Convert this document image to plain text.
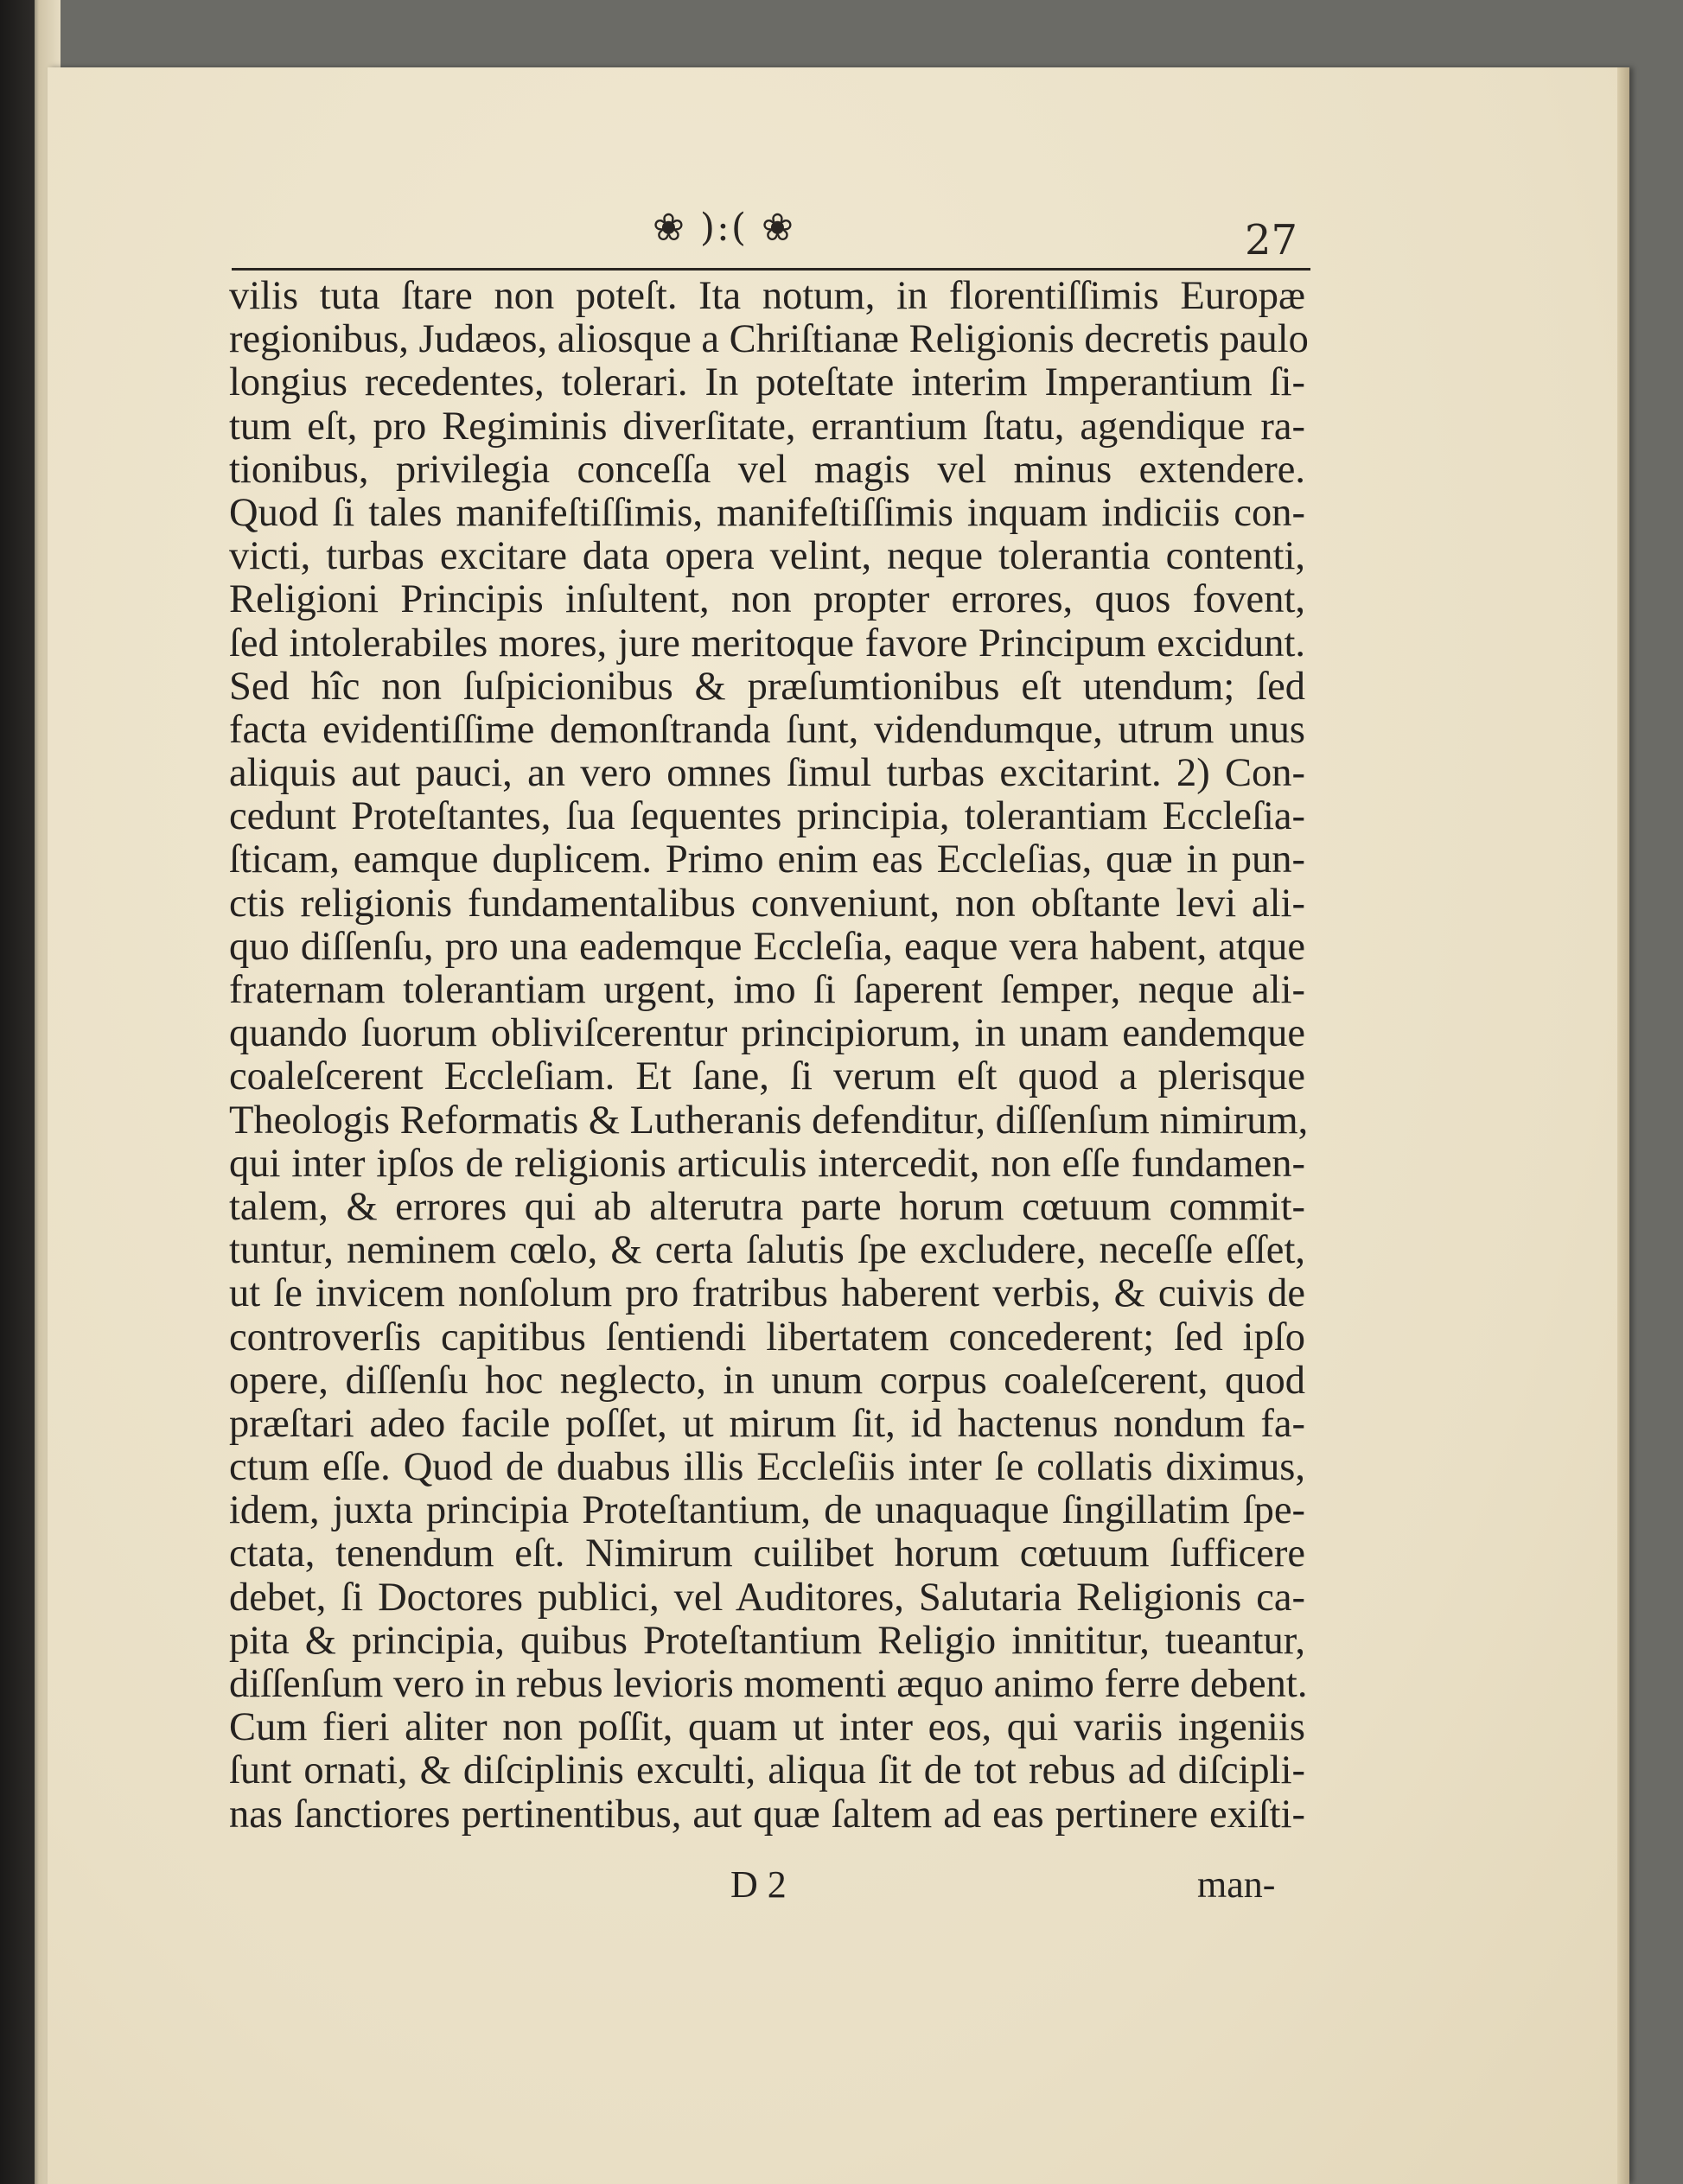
❀ ):( ❀	27
vilis tuta ſtare non poteſt. Ita notum, in florentiſſimis Europæ
regionibus, Judæos, aliosque a Chriſtianæ Religionis decretis paulo
longius recedentes, tolerari. In poteſtate interim Imperantium ſi-
tum eſt, pro Regiminis diverſitate, errantium ſtatu, agendique ra-
tionibus, privilegia conceſſa vel magis vel minus extendere.
Quod ſi tales manifeſtiſſimis, manifeſtiſſimis inquam indiciis con-
victi, turbas excitare data opera velint, neque tolerantia contenti,
Religioni Principis inſultent, non propter errores, quos fovent,
ſed intolerabiles mores, jure meritoque favore Principum excidunt.
Sed hîc non ſuſpicionibus & præſumtionibus eſt utendum; ſed
facta evidentiſſime demonſtranda ſunt, videndumque, utrum unus
aliquis aut pauci, an vero omnes ſimul turbas excitarint. 2) Con-
cedunt Proteſtantes, ſua ſequentes principia, tolerantiam Eccleſia-
ſticam, eamque duplicem. Primo enim eas Eccleſias, quæ in pun-
ctis religionis fundamentalibus conveniunt, non obſtante levi ali-
quo diſſenſu, pro una eademque Eccleſia, eaque vera habent, atque
fraternam tolerantiam urgent, imo ſi ſaperent ſemper, neque ali-
quando ſuorum obliviſcerentur principiorum, in unam eandemque
coaleſcerent Eccleſiam. Et ſane, ſi verum eſt quod a plerisque
Theologis Reformatis & Lutheranis defenditur, diſſenſum nimirum,
qui inter ipſos de religionis articulis intercedit, non eſſe fundamen-
talem, & errores qui ab alterutra parte horum cœtuum commit-
tuntur, neminem cœlo, & certa ſalutis ſpe excludere, neceſſe eſſet,
ut ſe invicem nonſolum pro fratribus haberent verbis, & cuivis de
controverſis capitibus ſentiendi libertatem concederent; ſed ipſo
opere, diſſenſu hoc neglecto, in unum corpus coaleſcerent, quod
præſtari adeo facile poſſet, ut mirum ſit, id hactenus nondum fa-
ctum eſſe. Quod de duabus illis Eccleſiis inter ſe collatis diximus,
idem, juxta principia Proteſtantium, de unaquaque ſingillatim ſpe-
ctata, tenendum eſt. Nimirum cuilibet horum cœtuum ſufficere
debet, ſi Doctores publici, vel Auditores, Salutaria Religionis ca-
pita & principia, quibus Proteſtantium Religio innititur, tueantur,
diſſenſum vero in rebus levioris momenti æquo animo ferre debent.
Cum fieri aliter non poſſit, quam ut inter eos, qui variis ingeniis
ſunt ornati, & diſciplinis exculti, aliqua ſit de tot rebus ad diſcipli-
nas ſanctiores pertinentibus, aut quæ ſaltem ad eas pertinere exiſti-
D 2	man-
